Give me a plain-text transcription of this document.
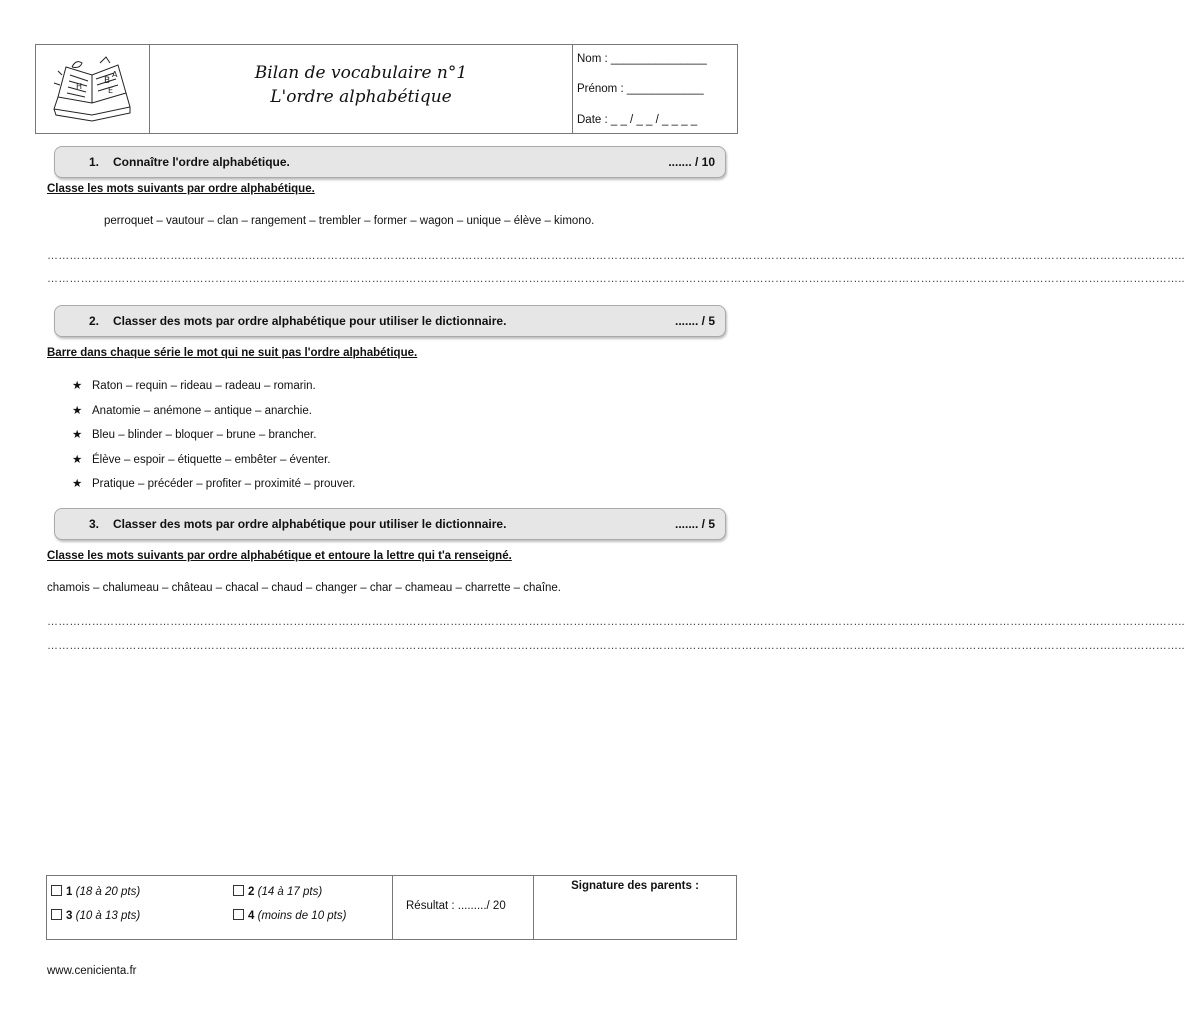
B
A
H	E
Bilan de vocabulaire n°1
L'ordre alphabétique
Nom : _______________
Prénom : ____________
Date : _ _ / _ _ / _ _ _ _
1. Connaître l'ordre alphabétique.	....... / 10
Classe les mots suivants par ordre alphabétique.
perroquet – vautour – clan – rangement – trembler – former – wagon – unique – élève – kimono.
……………………………………………………………………………………………………………………………………………………………………………………………………………………………………………………………………………..
……………………………………………………………………………………………………………………………………………………………………………………………………………………………………………………………………………..
2. Classer des mots par ordre alphabétique pour utiliser le dictionnaire.	....... / 5
Barre dans chaque série le mot qui ne suit pas l'ordre alphabétique.
★ Raton – requin – rideau – radeau – romarin.
★ Anatomie – anémone – antique – anarchie.
★ Bleu – blinder – bloquer – brune – brancher.
★ Élève – espoir – étiquette – embêter – éventer.
★ Pratique – précéder – profiter – proximité – prouver.
3. Classer des mots par ordre alphabétique pour utiliser le dictionnaire.	....... / 5
Classe les mots suivants par ordre alphabétique et entoure la lettre qui t'a renseigné.
chamois – chalumeau – château – chacal – chaud – changer – char – chameau – charrette – chaîne.
……………………………………………………………………………………………………………………………………………………………………………………………………………………………………………………………………………..
……………………………………………………………………………………………………………………………………………………………………………………………………………………………………………………………………………..
1 (18 à 20 pts)	2 (14 à 17 pts)
3 (10 à 13 pts)	4 (moins de 10 pts)
Résultat : ........./ 20
Signature des parents :
www.cenicienta.fr
